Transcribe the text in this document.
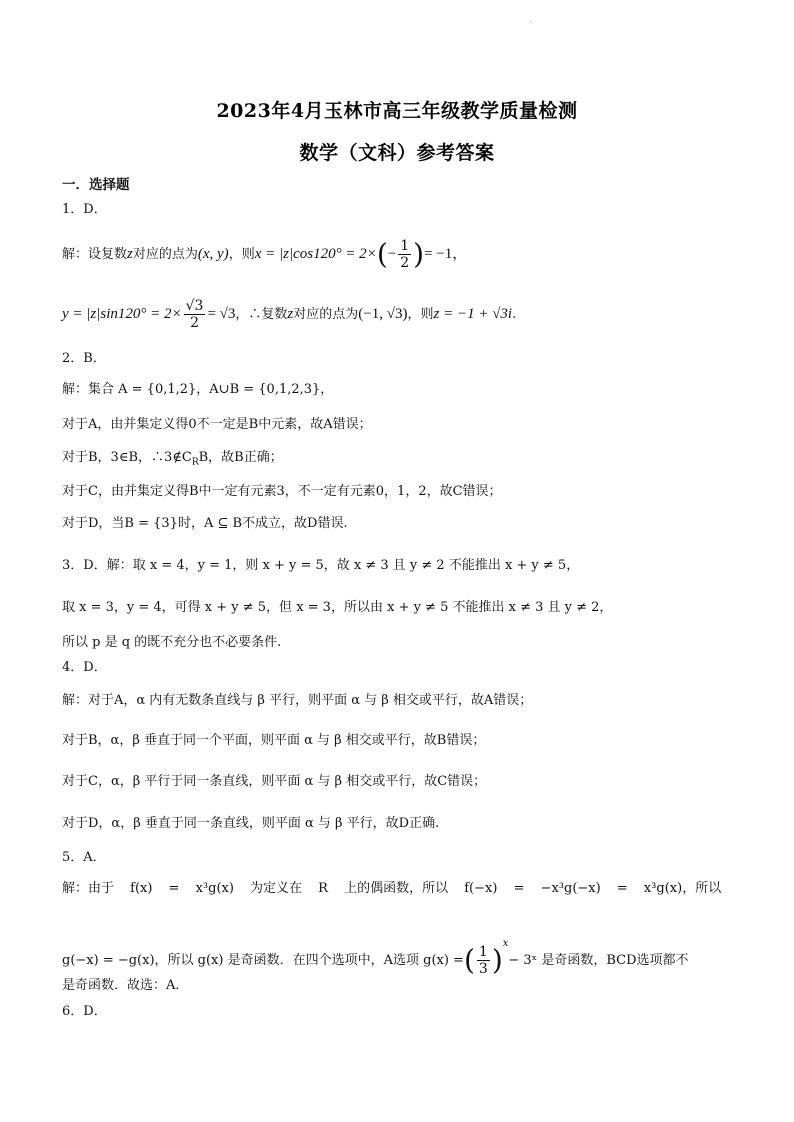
·
2023年4月玉林市高三年级教学质量检测
数学（文科）参考答案
一．选择题
1．D．
解：设复数z对应的点为(x, y)，则$x = |z|\cos 120^\circ = 2\times(- \frac{1}{2}$ )= −1，
$y = |z|\sin 120^\circ = 2\times \frac{√3}{2} = √3$，∴复数z对应的点为(−1, √3)，则z = −1 + √3i.
2．B．
解：集合 A = {0,1,2}，A∪B = {0,1,2,3}，
对于A，由并集定义得0不一定是B中元素，故A错误；
对于B，3∈B，$\therefore 3\notin C_RB$，故B正确；
对于C，由并集定义得B中一定有元素3，不一定有元素0，1，2，故C错误；
对于D，当B = {3}时，A ⊆ B不成立，故D错误.
3．D．解：取 x = 4，y = 1，则 x + y = 5，故 x ≠ 3 且 y ≠ 2 不能推出 x + y ≠ 5，
取 x = 3，y = 4，可得 x + y ≠ 5，但 x = 3，所以由 x + y ≠ 5 不能推出 x ≠ 3 且 y ≠ 2，
所以 p 是 q 的既不充分也不必要条件.
4．D．
解：对于A，α 内有无数条直线与 β 平行，则平面 α 与 β 相交或平行，故A错误；
对于B，α，β 垂直于同一个平面，则平面 α 与 β 相交或平行，故B错误；
对于C，α，β 平行于同一条直线，则平面 α 与 β 相交或平行，故C错误；
对于D，α，β 垂直于同一条直线，则平面 α 与 β 平行，故D正确.
5．A．
解：由于 f(x) = x³g(x) 为定义在 R 上的偶函数，所以 f(−x) = −x³g(−x) = x³g(x)，所以
g(−x) = −g(x)，所以 g(x) 是奇函数．在四个选项中，A选项 g(x) =( $\frac{1}{3} )^x-$ 3ˣ 是奇函数，BCD选项都不
是奇函数．故选：A．
6．D．
